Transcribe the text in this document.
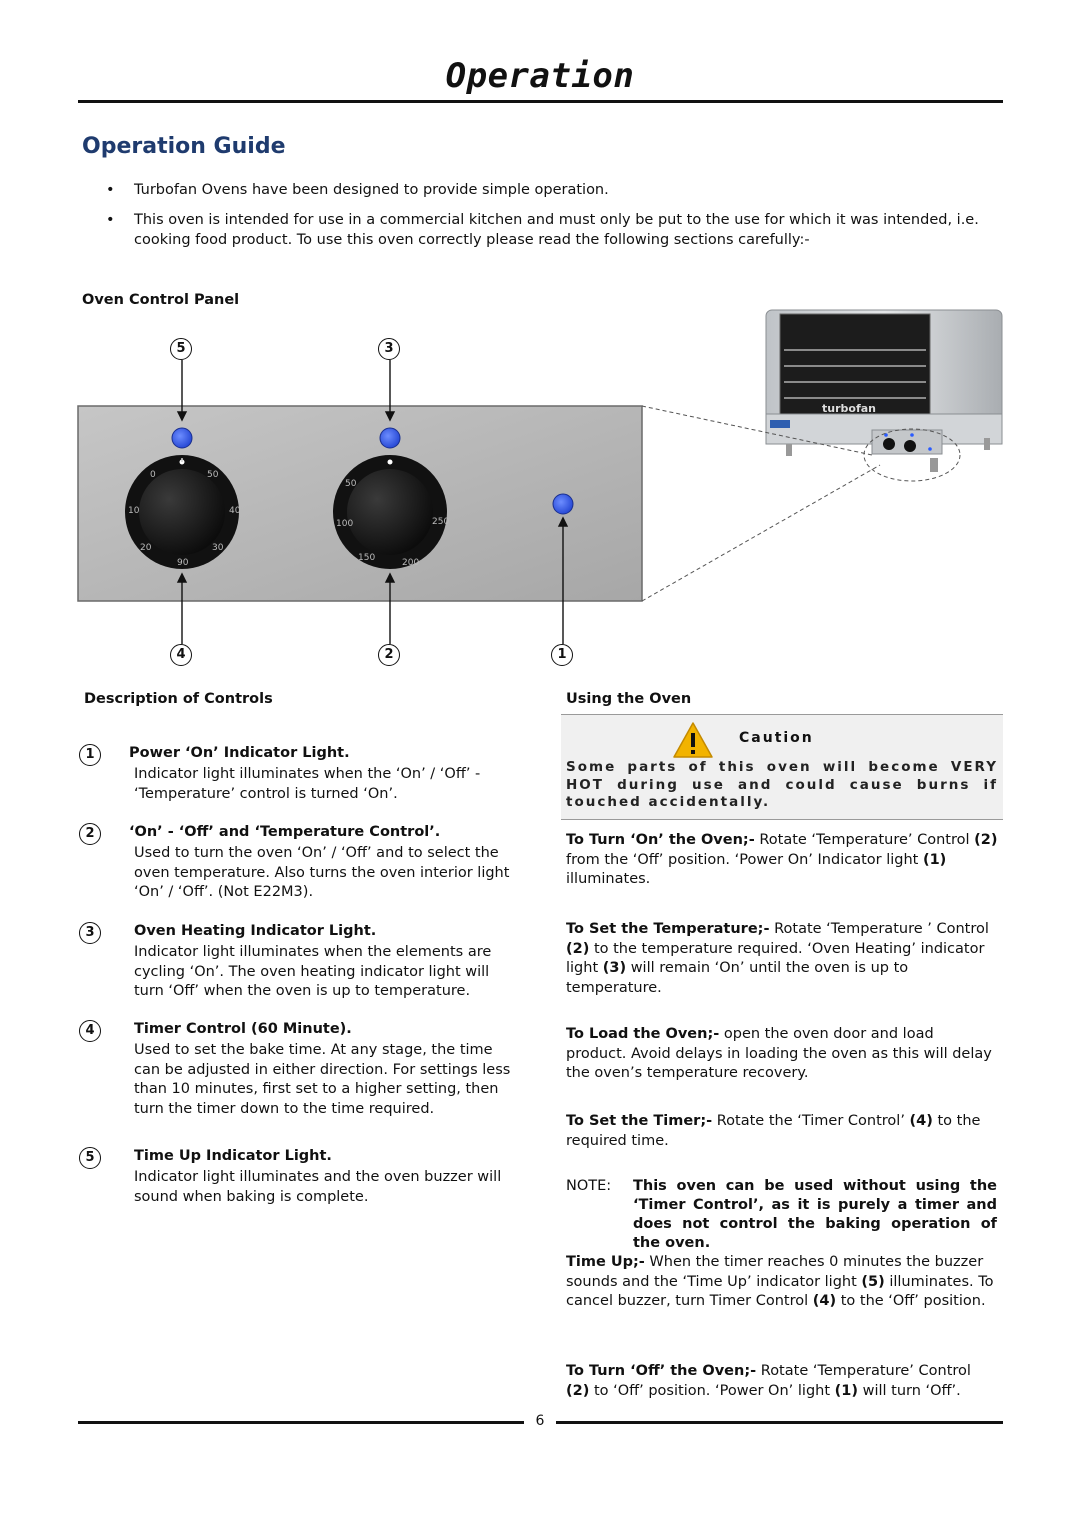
Operation
Operation Guide
• Turbofan Ovens have been designed to provide simple operation.
• This oven is intended for use in a commercial kitchen and must only be put to the use for which it was intended, i.e. cooking food product. To use this oven correctly please read the following sections carefully:-
Oven Control Panel
0	50
10	40
20	30
90
50
100
150	200
250
turbofan
5	3
4	2	1
Description of Controls
1	Power ‘On’ Indicator Light.
Indicator light illuminates when the ‘On’ / ‘Off’ - ‘Temperature’ control is turned ‘On’.
2	‘On’ - ‘Off’ and ‘Temperature Control’.
Used to turn the oven ‘On’ / ‘Off’ and to select the oven temperature. Also turns the oven interior light ‘On’ / ‘Off’. (Not E22M3).
3	Oven Heating Indicator Light.
Indicator light illuminates when the elements are cycling ‘On’. The oven heating indicator light will turn ‘Off’ when the oven is up to temperature.
4	Timer Control (60 Minute).
Used to set the bake time. At any stage, the time can be adjusted in either direction. For settings less than 10 minutes, first set to a higher setting, then turn the timer down to the time required.
5	Time Up Indicator Light.
Indicator light illuminates and the oven buzzer will sound when baking is complete.
Using the Oven
Caution
Some parts of this oven will become VERY HOT during use and could cause burns if touched accidentally.
To Turn ‘On’ the Oven;- Rotate ‘Temperature’ Control (2) from the ‘Off’ position. ‘Power On’ Indicator light (1) illuminates.
To Set the Temperature;- Rotate ‘Temperature ’ Control (2) to the temperature required. ‘Oven Heating’ indicator light (3) will remain ‘On’ until the oven is up to temperature.
To Load the Oven;- open the oven door and load product. Avoid delays in loading the oven as this will delay the oven’s temperature recovery.
To Set the Timer;- Rotate the ‘Timer Control’ (4) to the required time.
NOTE: This oven can be used without using the ‘Timer Control’, as it is purely a timer and does not control the baking operation of the oven.
Time Up;- When the timer reaches 0 minutes the buzzer sounds and the ‘Time Up’ indicator light (5) illuminates. To cancel buzzer, turn Timer Control (4) to the ‘Off’ position.
To Turn ‘Off’ the Oven;- Rotate ‘Temperature’ Control (2) to ‘Off’ position. ‘Power On’ light (1) will turn ‘Off’.
6
